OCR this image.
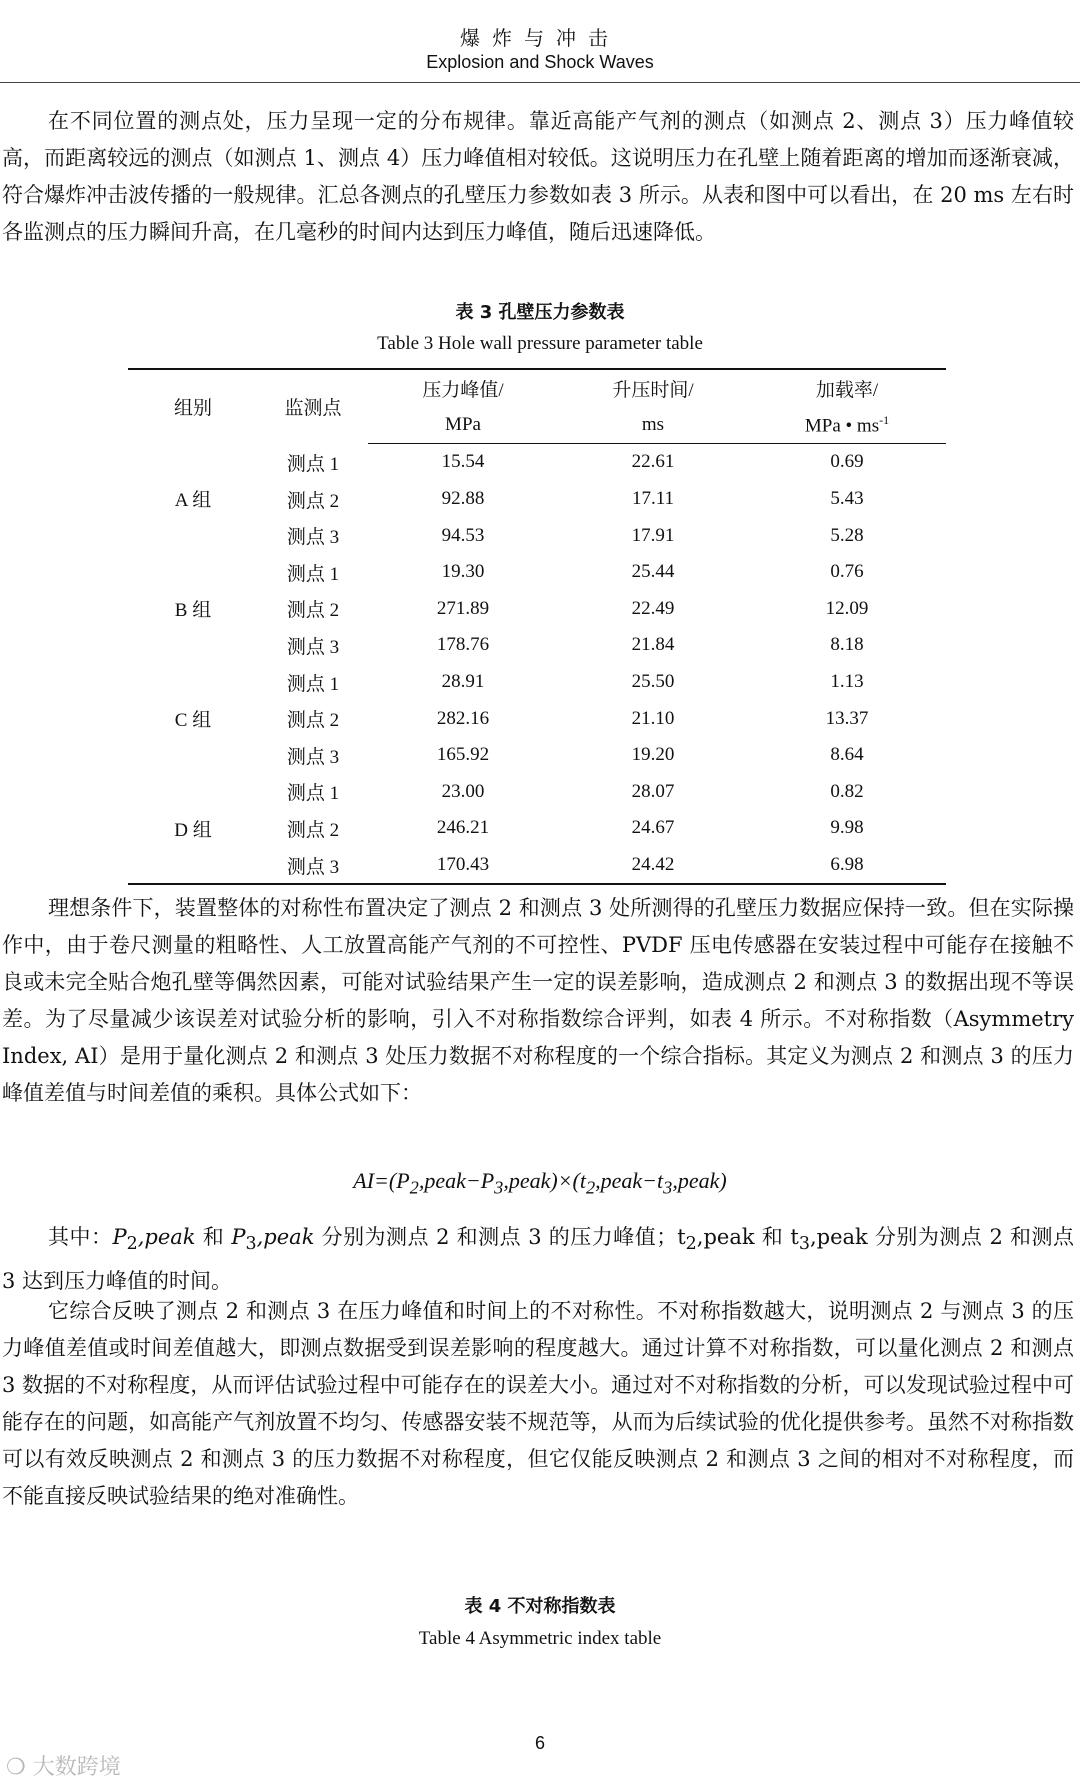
爆炸与冲击
Explosion and Shock Waves

在不同位置的测点处，压力呈现一定的分布规律。靠近高能产气剂的测点（如测点 2、测点 3）压力峰值较高，而距离较远的测点（如测点 1、测点 4）压力峰值相对较低。这说明压力在孔壁上随着距离的增加而逐渐衰减，符合爆炸冲击波传播的一般规律。汇总各测点的孔壁压力参数如表 3 所示。从表和图中可以看出，在 20 ms 左右时各监测点的压力瞬间升高，在几毫秒的时间内达到压力峰值，随后迅速降低。

表 3 孔壁压力参数表

Table 3 Hole wall pressure parameter table

组别	监测点	压力峰值/	升压时间/	加载率/
		MPa	ms	MPa • $ms^{-1}$
A 组	测点 1	15.54	22.61	0.69
	测点 2	92.88	17.11	5.43
	测点 3	94.53	17.91	5.28
B 组	测点 1	19.30	25.44	0.76
	测点 2	271.89	22.49	12.09
	测点 3	178.76	21.84	8.18
C 组	测点 1	28.91	25.50	1.13
	测点 2	282.16	21.10	13.37
	测点 3	165.92	19.20	8.64
D 组	测点 1	23.00	28.07	0.82
	测点 2	246.21	24.67	9.98
	测点 3	170.43	24.42	6.98

理想条件下，装置整体的对称性布置决定了测点 2 和测点 3 处所测得的孔壁压力数据应保持一致。但在实际操作中，由于卷尺测量的粗略性、人工放置高能产气剂的不可控性、PVDF 压电传感器在安装过程中可能存在接触不良或未完全贴合炮孔壁等偶然因素，可能对试验结果产生一定的误差影响，造成测点 2 和测点 3 的数据出现不等误差。为了尽量减少该误差对试验分析的影响，引入不对称指数综合评判，如表 4 所示。不对称指数（Asymmetry Index, AI）是用于量化测点 2 和测点 3 处压力数据不对称程度的一个综合指标。其定义为测点 2 和测点 3 的压力峰值差值与时间差值的乘积。具体公式如下：

$AI=(P_2,peak-P_3,peak)\times(t_2,peak-t_3,peak)$

其中：$P_2,peak$ 和 $P_3,peak$ 分别为测点 2 和测点 3 的压力峰值；$t_2,peak$ 和 $t_3,peak$ 分别为测点 2 和测点 3 达到压力峰值的时间。

它综合反映了测点 2 和测点 3 在压力峰值和时间上的不对称性。不对称指数越大，说明测点 2 与测点 3 的压力峰值差值或时间差值越大，即测点数据受到误差影响的程度越大。通过计算不对称指数，可以量化测点 2 和测点 3 数据的不对称程度，从而评估试验过程中可能存在的误差大小。通过对不对称指数的分析，可以发现试验过程中可能存在的问题，如高能产气剂放置不均匀、传感器安装不规范等，从而为后续试验的优化提供参考。虽然不对称指数可以有效反映测点 2 和测点 3 的压力数据不对称程度，但它仅能反映测点 2 和测点 3 之间的相对不对称程度，而不能直接反映试验结果的绝对准确性。

表 4 不对称指数表

Table 4 Asymmetric index table

6
❍ 大数跨境
